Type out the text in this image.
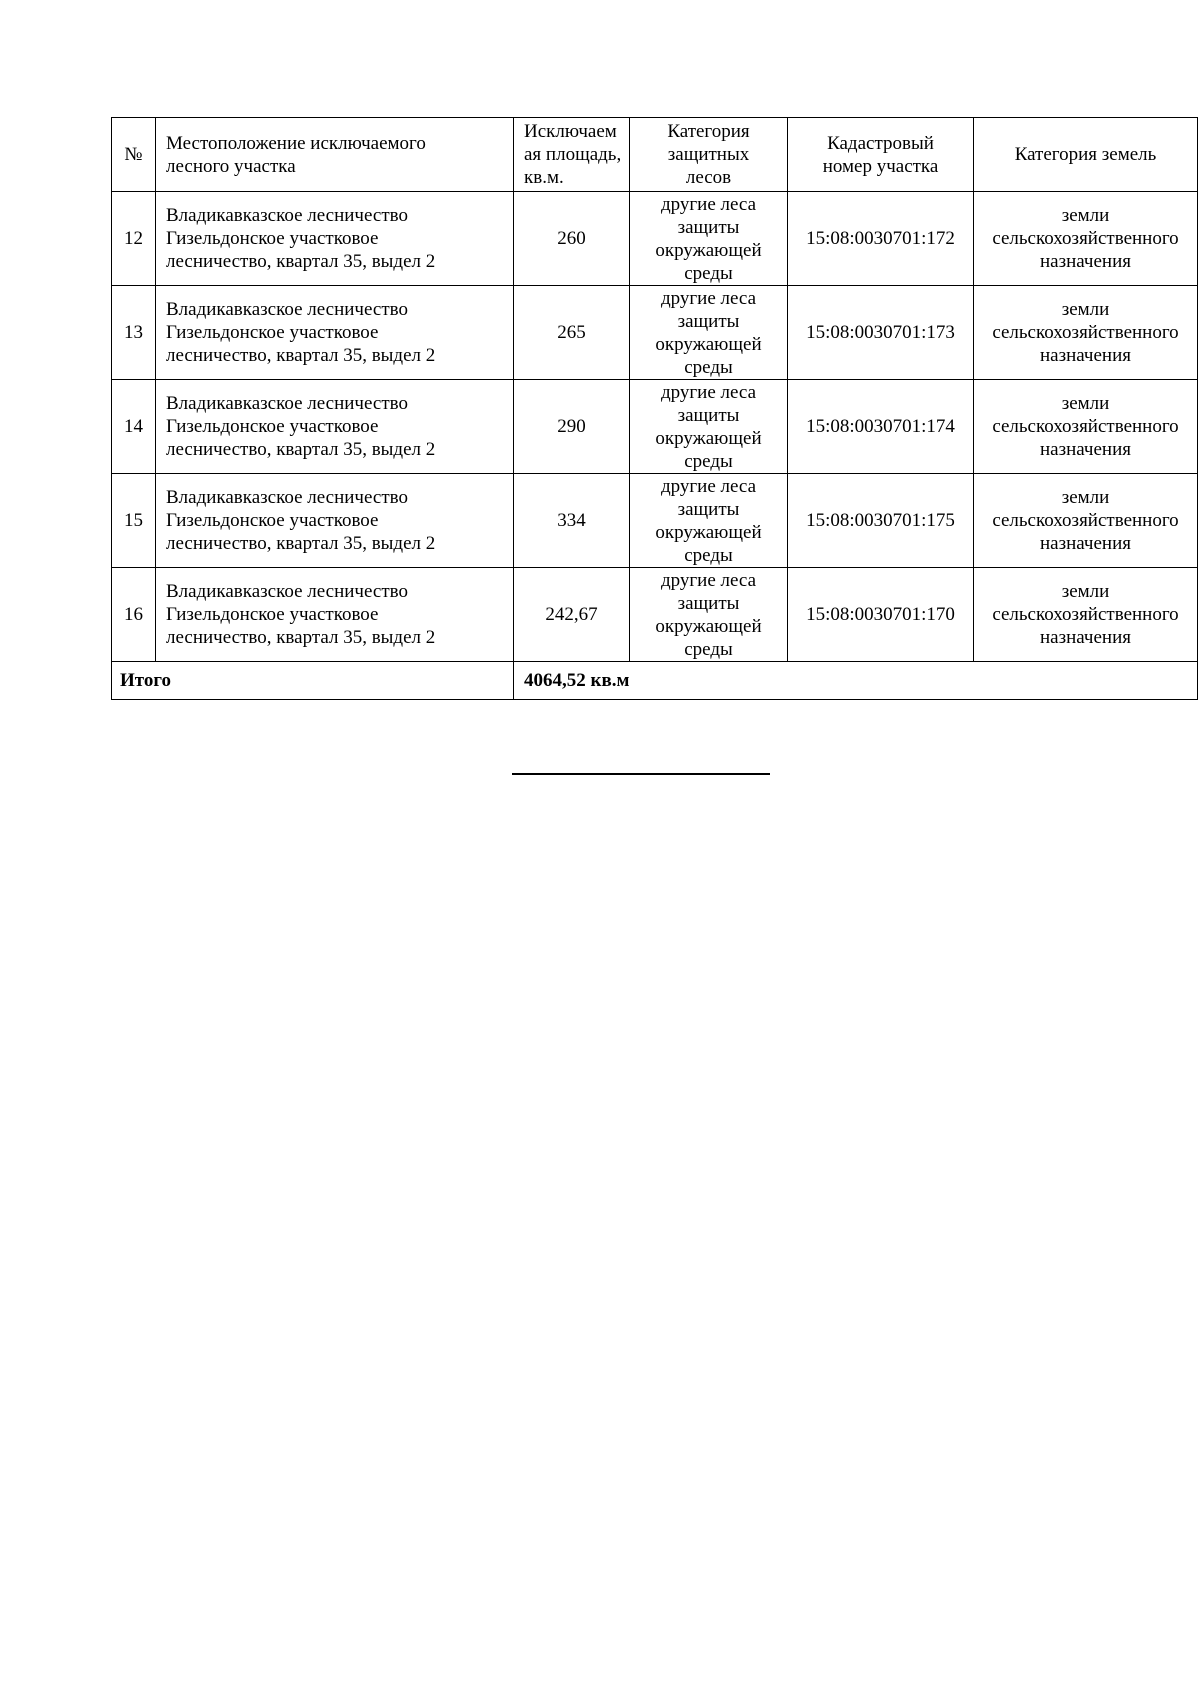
№	Местоположение исключаемого
лесного участка	Исключаем
ая площадь,
кв.м.	Категория
защитных
лесов	Кадастровый
номер участка	Категория земель
12	Владикавказское лесничество
Гизельдонское участковое
лесничество, квартал 35, выдел 2	260	другие леса
защиты
окружающей
среды	15:08:0030701:172	земли
сельскохозяйственного
назначения
13	Владикавказское лесничество
Гизельдонское участковое
лесничество, квартал 35, выдел 2	265	другие леса
защиты
окружающей
среды	15:08:0030701:173	земли
сельскохозяйственного
назначения
14	Владикавказское лесничество
Гизельдонское участковое
лесничество, квартал 35, выдел 2	290	другие леса
защиты
окружающей
среды	15:08:0030701:174	земли
сельскохозяйственного
назначения
15	Владикавказское лесничество
Гизельдонское участковое
лесничество, квартал 35, выдел 2	334	другие леса
защиты
окружающей
среды	15:08:0030701:175	земли
сельскохозяйственного
назначения
16	Владикавказское лесничество
Гизельдонское участковое
лесничество, квартал 35, выдел 2	242,67	другие леса
защиты
окружающей
среды	15:08:0030701:170	земли
сельскохозяйственного
назначения
Итого		4064,52 кв.м			
